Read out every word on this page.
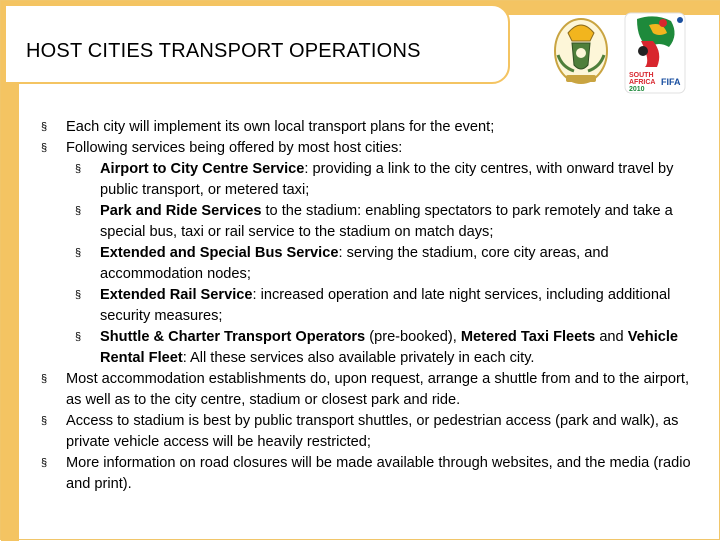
HOST CITIES TRANSPORT OPERATIONS
SOUTH
AFRICA
2010
FIFA
§ Each city will implement its own local transport plans for the event;
§ Following services being offered by most host cities:
§ Airport to City Centre Service: providing a link to the city centres, with onward travel by public transport, or metered taxi;
§ Park and Ride Services to the stadium: enabling spectators to park remotely and take a special bus, taxi or rail service to the stadium on match days;
§ Extended and Special Bus Service: serving the stadium, core city areas, and accommodation nodes;
§ Extended Rail Service: increased operation and late night services, including additional security measures;
§ Shuttle & Charter Transport Operators (pre-booked), Metered Taxi Fleets and Vehicle Rental Fleet: All these services also available privately in each city.
§ Most accommodation establishments do, upon request, arrange a shuttle from and to the airport, as well as to the city centre, stadium or closest park and ride.
§ Access to stadium is best by public transport shuttles, or pedestrian access (park and walk), as private vehicle access will be heavily restricted;
§ More information on road closures will be made available through websites, and the media (radio and print).
